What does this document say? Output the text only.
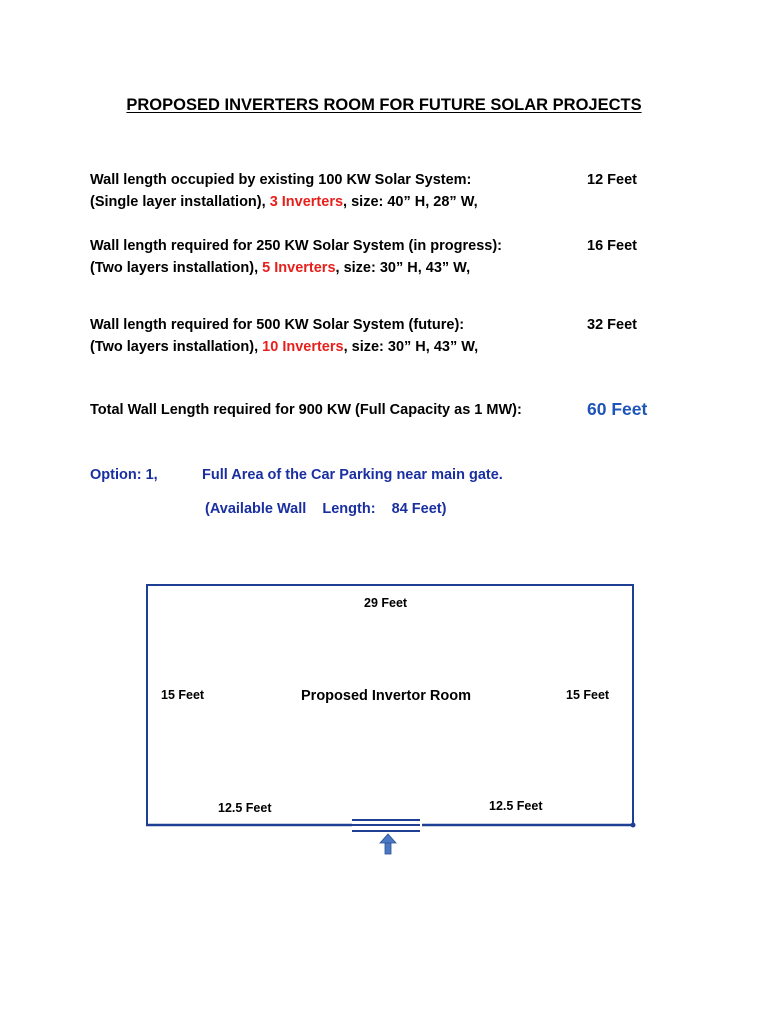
PROPOSED INVERTERS ROOM FOR FUTURE SOLAR PROJECTS
Wall length occupied by existing 100 KW Solar System:	12 Feet
(Single layer installation), 3 Inverters, size: 40” H, 28” W,
Wall length required for 250 KW Solar System (in progress):	16 Feet
(Two layers installation), 5 Inverters, size: 30” H, 43” W,
Wall length required for 500 KW Solar System (future):	32 Feet
(Two layers installation), 10 Inverters, size: 30” H, 43” W,
Total Wall Length required for 900 KW (Full Capacity as 1 MW):	60 Feet
Option: 1,	Full Area of the Car Parking near main gate.
(Available Wall    Length:    84 Feet)
29 Feet
15 Feet	Proposed Invertor Room	15 Feet
12.5 Feet	12.5 Feet
